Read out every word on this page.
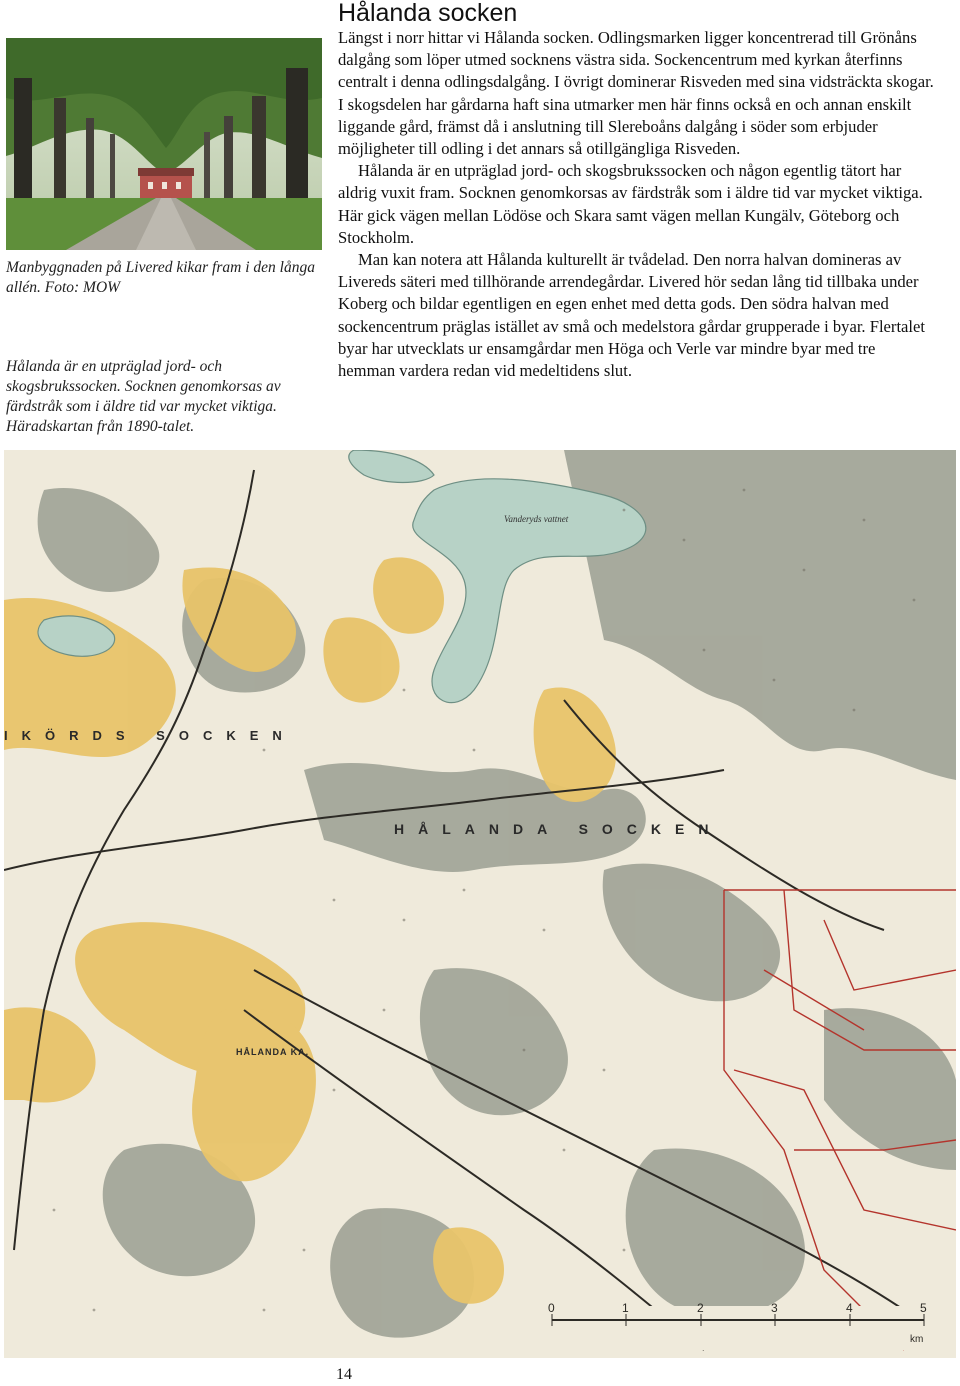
Manbyggnaden på Livered kikar fram i den långa allén. Foto: MOW
Hålanda är en utpräglad jord- och skogsbrukssocken. Socknen genomkorsas av färdstråk som i äldre tid var mycket viktiga. Häradskartan från 1890-talet.
Hålanda socken

Längst i norr hittar vi Hålanda socken. Odlingsmarken ligger koncentrerad till Grönåns dalgång som löper utmed socknens västra sida. Sockencentrum med kyrkan återfinns centralt i denna odlingsdalgång. I övrigt dominerar Risveden med sina vidsträckta skogar. I skogsdelen har gårdarna haft sina utmarker men här finns också en och annan enskilt liggande gård, främst då i anslutning till Slereboåns dalgång i söder som erbjuder möjligheter till odling i det annars så otillgängliga Risveden.

Hålanda är en utpräglad jord- och skogsbrukssocken och någon egentlig tätort har aldrig vuxit fram. Socknen genomkorsas av färdstråk som i äldre tid var mycket viktiga. Här gick vägen mellan Lödöse och Skara samt vägen mellan Kungälv, Göteborg och Stockholm.

Man kan notera att Hålanda kulturellt är tvådelad. Den norra halvan domineras av Livereds säteri med tillhörande arrendegårdar. Livered hör sedan lång tid tillbaka under Koberg och bildar egentligen en egen enhet med detta gods. Den södra halvan med sockencentrum präglas istället av små och medelstora gårdar grupperade i byar. Flertalet byar har utvecklats ur ensamgårdar men Höga och Verle var mindre byar med tre hemman vardera redan vid medeltidens slut.

IKÖRDS SOCKEN
HÅLANDA SOCKEN
HÅLANDA KA.
Vanderyds vattnet
0	1	2	3	4	5
km
14
